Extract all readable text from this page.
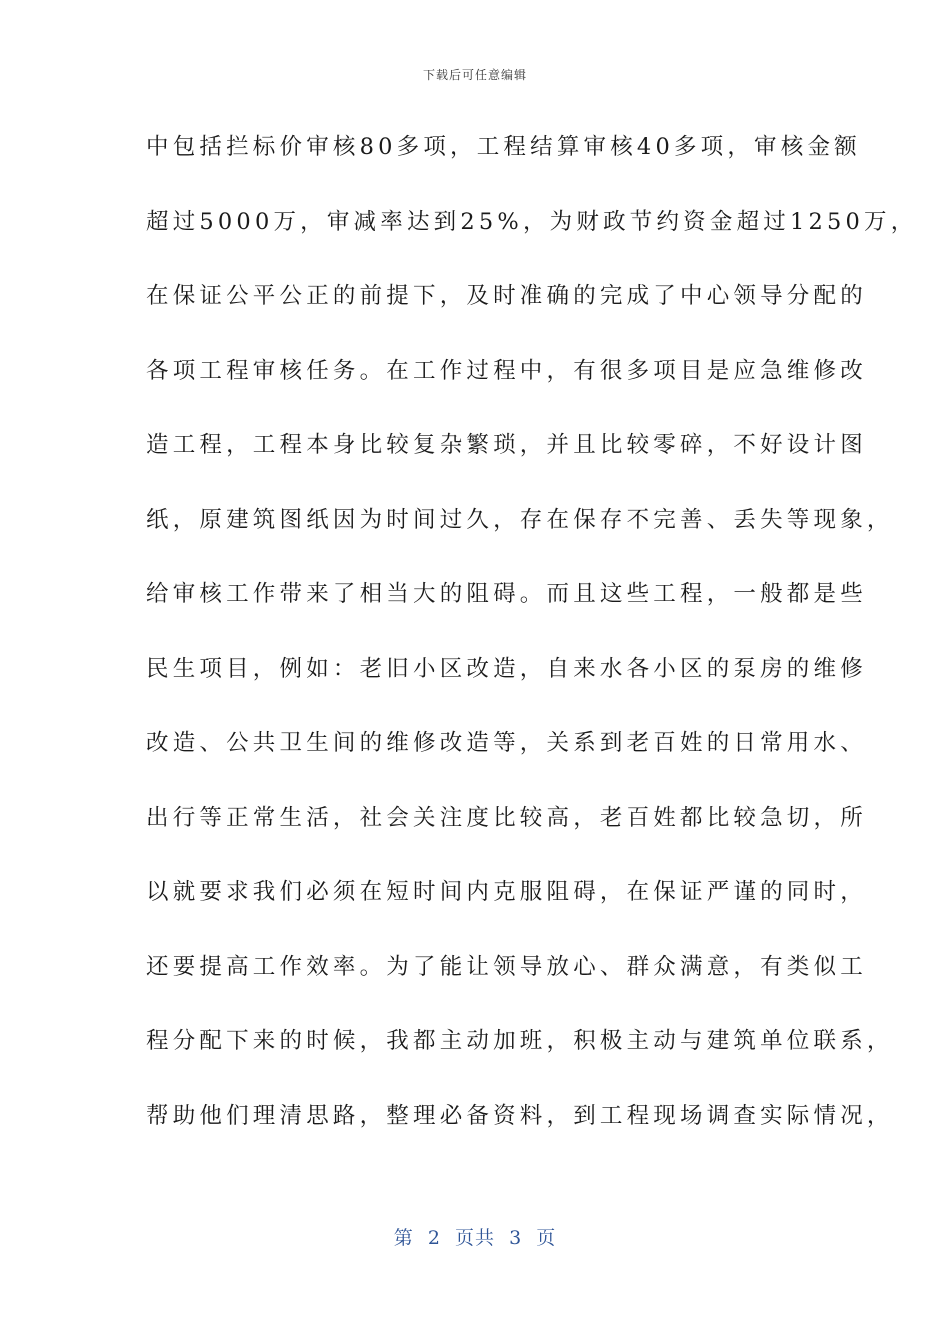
下载后可任意编辑
中包括拦标价审核80多项，工程结算审核40多项，审核金额
超过5000万，审减率达到25%，为财政节约资金超过1250万，
在保证公平公正的前提下，及时准确的完成了中心领导分配的
各项工程审核任务。在工作过程中，有很多项目是应急维修改
造工程，工程本身比较复杂繁琐，并且比较零碎，不好设计图
纸，原建筑图纸因为时间过久，存在保存不完善、丢失等现象，
给审核工作带来了相当大的阻碍。而且这些工程，一般都是些
民生项目，例如：老旧小区改造，自来水各小区的泵房的维修
改造、公共卫生间的维修改造等，关系到老百姓的日常用水、
出行等正常生活，社会关注度比较高，老百姓都比较急切，所
以就要求我们必须在短时间内克服阻碍，在保证严谨的同时，
还要提高工作效率。为了能让领导放心、群众满意，有类似工
程分配下来的时候，我都主动加班，积极主动与建筑单位联系，
帮助他们理清思路，整理必备资料，到工程现场调查实际情况，
第  2  页共  3  页
